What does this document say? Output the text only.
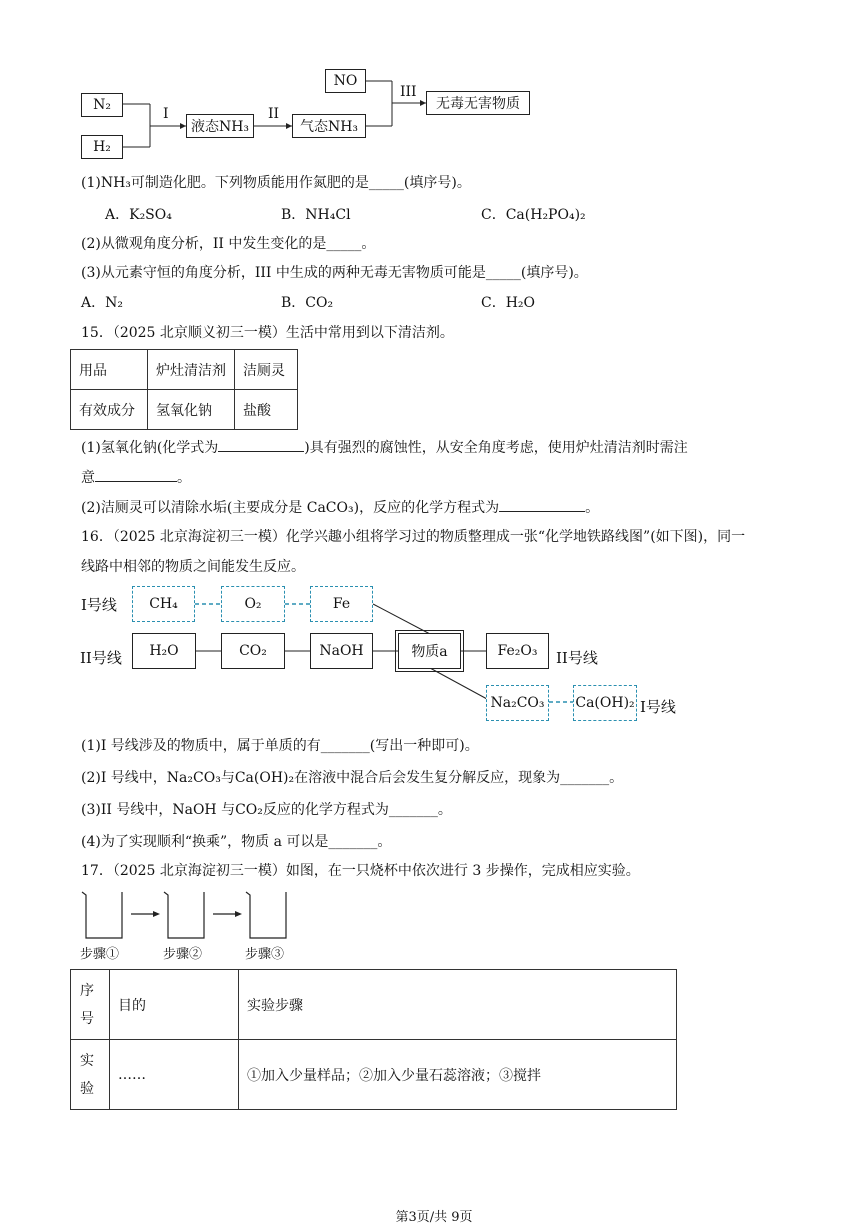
N₂
H₂
I
液态NH₃
II
气态NH₃
NO
III
无毒无害物质
(1)NH₃可制造化肥。下列物质能用作氮肥的是_____(填序号)。
A．K₂SO₄	B．NH₄Cl	C．Ca(H₂PO₄)₂
(2)从微观角度分析，II 中发生变化的是_____。
(3)从元素守恒的角度分析，III 中生成的两种无毒无害物质可能是_____(填序号)。
A．N₂	B．CO₂	C．H₂O
15．（2025 北京顺义初三一模）生活中常用到以下清洁剂。
用品	炉灶清洁剂	洁厕灵
有效成分	氢氧化钠	盐酸
(1)氢氧化钠(化学式为	)具有强烈的腐蚀性，从安全角度考虑，使用炉灶清洁剂时需注
意	。
(2)洁厕灵可以清除水垢(主要成分是 CaCO₃)，反应的化学方程式为	。
16．（2025 北京海淀初三一模）化学兴趣小组将学习过的物质整理成一张“化学地铁路线图”(如下图)，同一
线路中相邻的物质之间能发生反应。
I号线 CH₄	O₂	Fe
II号线 H₂O	CO₂	NaOH	物质a	Fe₂O₃ II号线
Na₂CO₃ Ca(OH)₂ I号线
(1)I 号线涉及的物质中，属于单质的有_______(写出一种即可)。
(2)I 号线中，Na₂CO₃与Ca(OH)₂在溶液中混合后会发生复分解反应，现象为_______。
(3)II 号线中，NaOH 与CO₂反应的化学方程式为_______。
(4)为了实现顺利“换乘”，物质 a 可以是_______。
17．（2025 北京海淀初三一模）如图，在一只烧杯中依次进行 3 步操作，完成相应实验。
步骤①	步骤②	步骤③
序号	目的	实验步骤
实验	……	①加入少量样品；②加入少量石蕊溶液；③搅拌
第3页/共 9页
